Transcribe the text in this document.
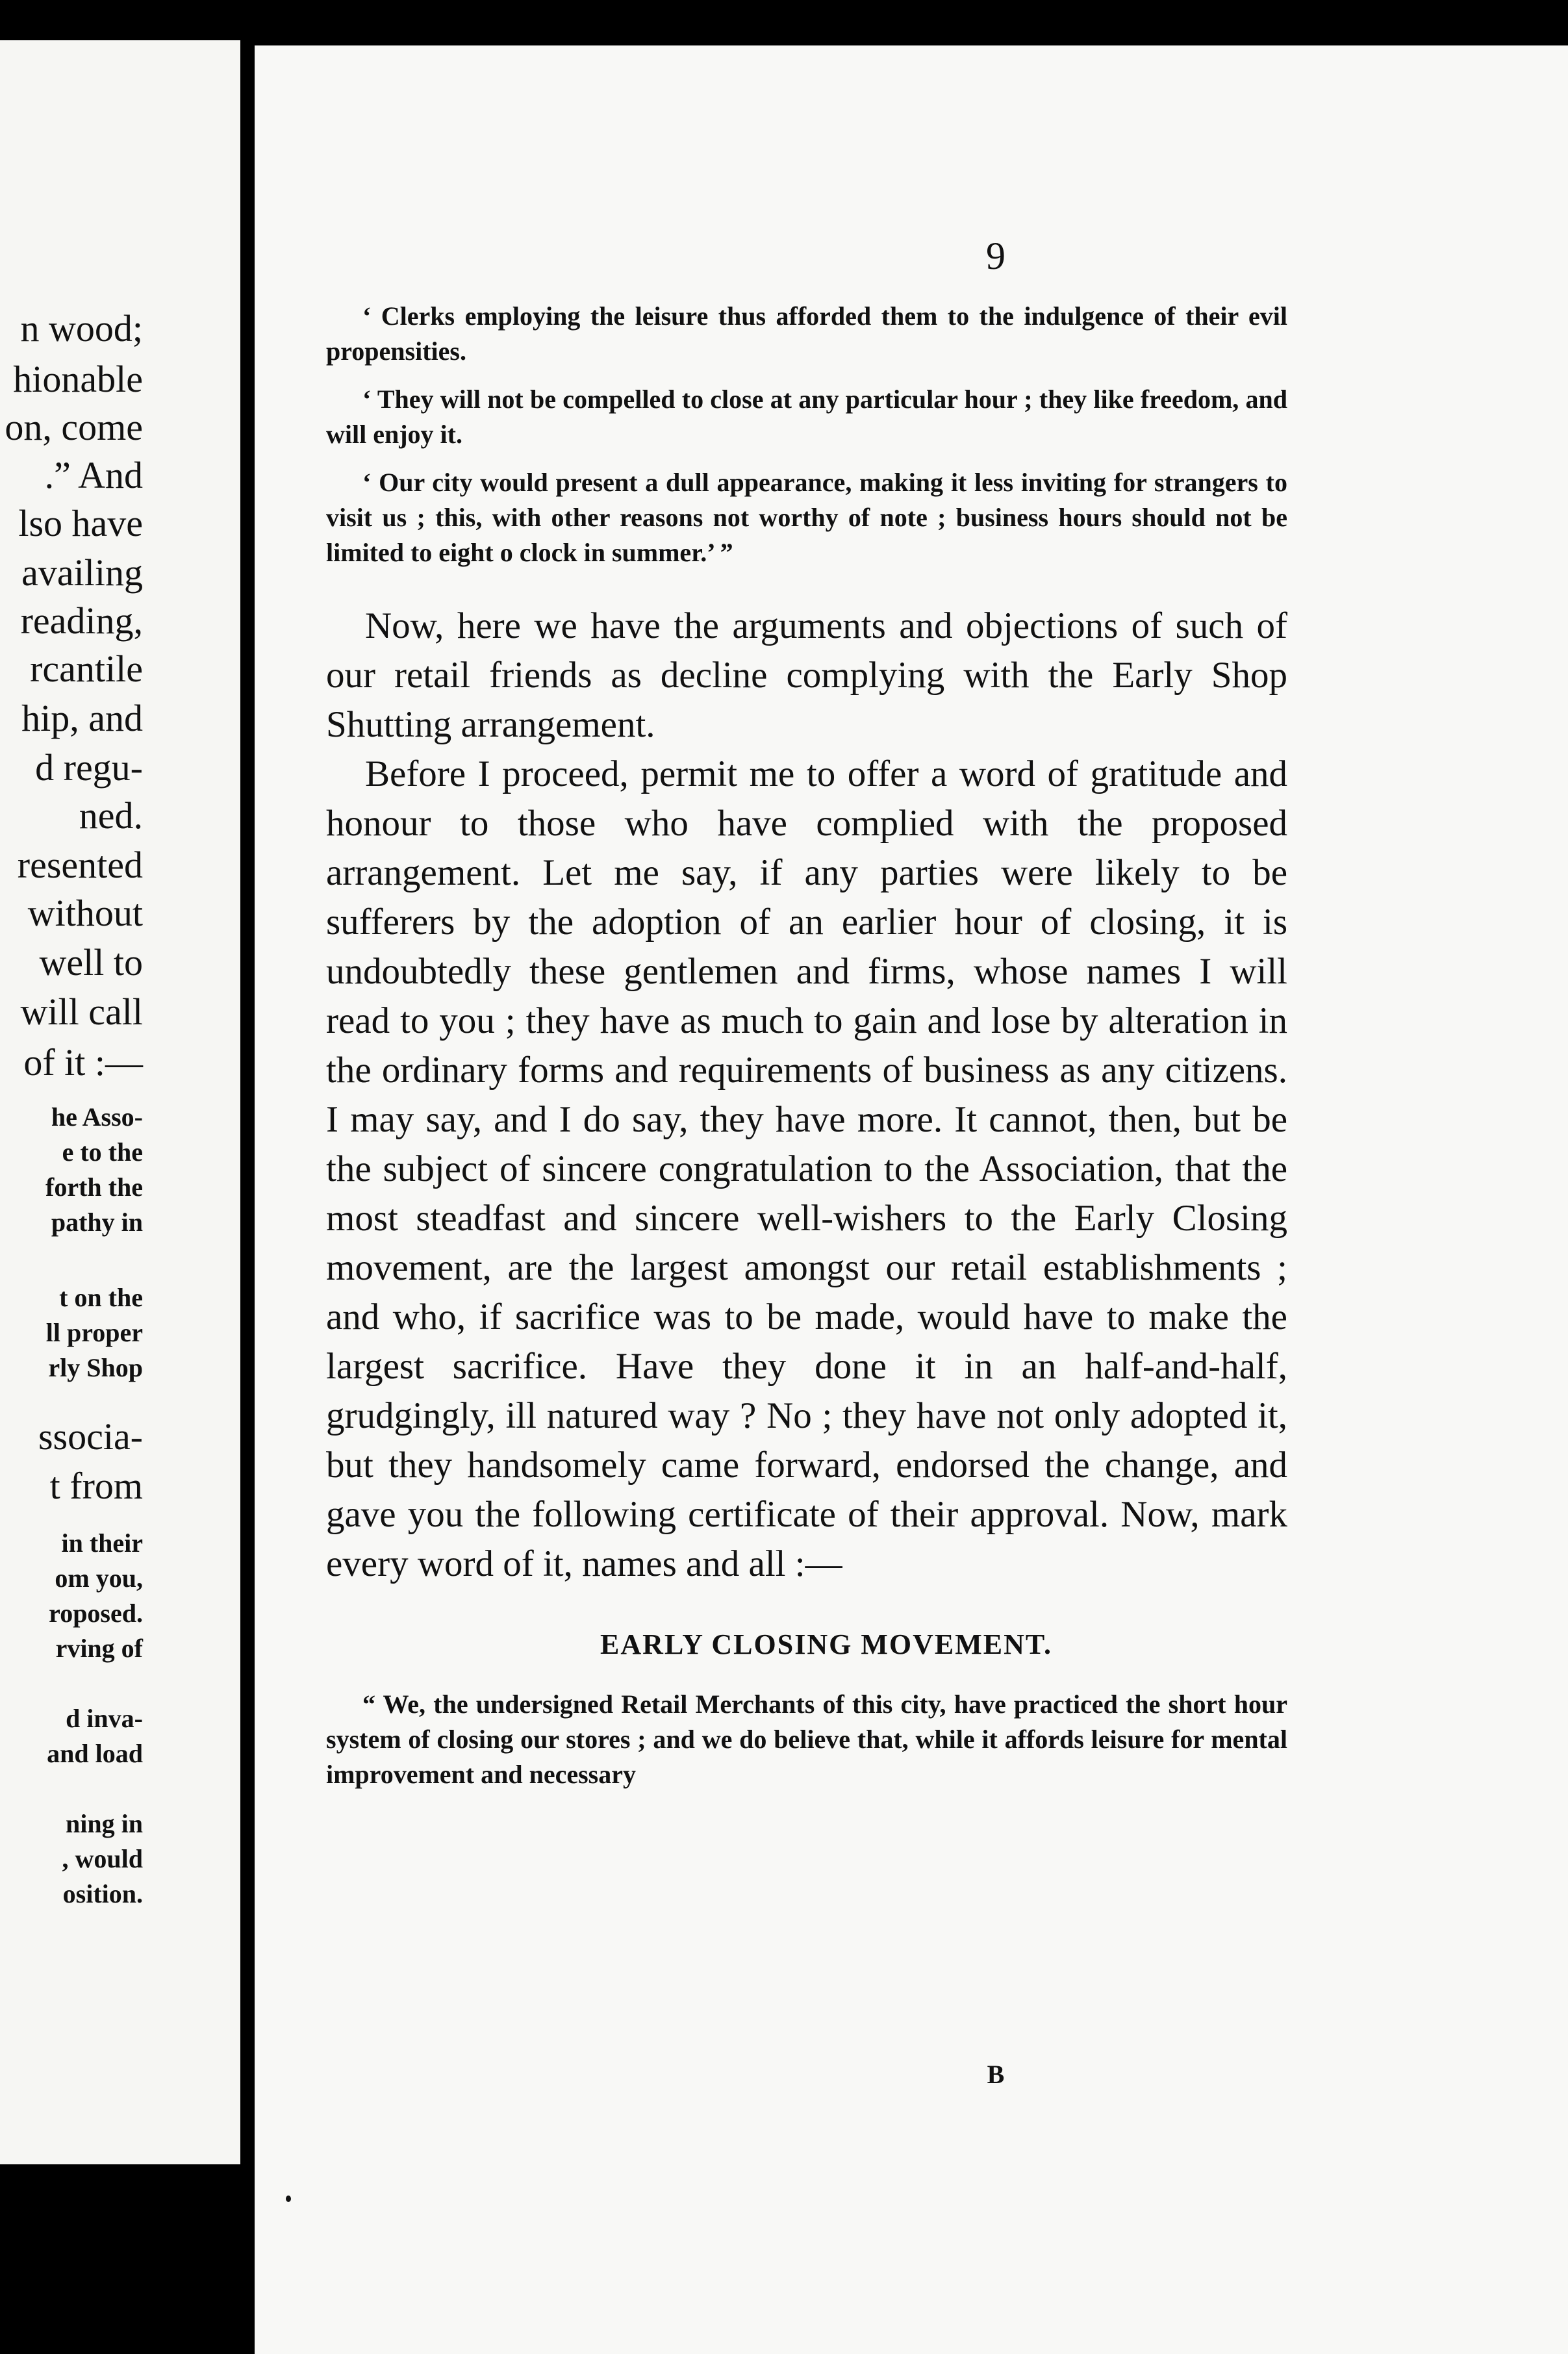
n wood;
hionable
on, come
.” And
lso have
availing
reading,
rcantile
hip, and
d regu-
ned.
resented
without
well to
will call
of it :—
he Asso-
e to the
forth the
pathy in
t on the
ll proper
rly Shop
ssocia-
t from
in their
om you,
roposed.
rving of
d inva-
and load
ning in
, would
osition.
9

‘ Clerks employing the leisure thus afforded them to the indulgence of their evil propensities.

‘ They will not be compelled to close at any particular hour ; they like freedom, and will enjoy it.

‘ Our city would present a dull appearance, making it less inviting for strangers to visit us ; this, with other reasons not worthy of note ; business hours should not be limited to eight o clock in summer.’ ”

Now, here we have the arguments and objections of such of our retail friends as decline complying with the Early Shop Shutting arrangement.

Before I proceed, permit me to offer a word of gratitude and honour to those who have complied with the proposed arrangement. Let me say, if any parties were likely to be sufferers by the adoption of an earlier hour of closing, it is undoubtedly these gentlemen and firms, whose names I will read to you ; they have as much to gain and lose by alteration in the ordinary forms and requirements of business as any citizens. I may say, and I do say, they have more. It cannot, then, but be the subject of sincere congratulation to the Association, that the most steadfast and sincere well-wishers to the Early Closing movement, are the largest amongst our retail establishments ; and who, if sacrifice was to be made, would have to make the largest sacrifice. Have they done it in an half-and-half, grudgingly, ill natured way ? No ; they have not only adopted it, but they handsomely came forward, endorsed the change, and gave you the following certificate of their approval. Now, mark every word of it, names and all :—

EARLY CLOSING MOVEMENT.

“ We, the undersigned Retail Merchants of this city, have practiced the short hour system of closing our stores ; and we do believe that, while it affords leisure for mental improvement and necessary

B
